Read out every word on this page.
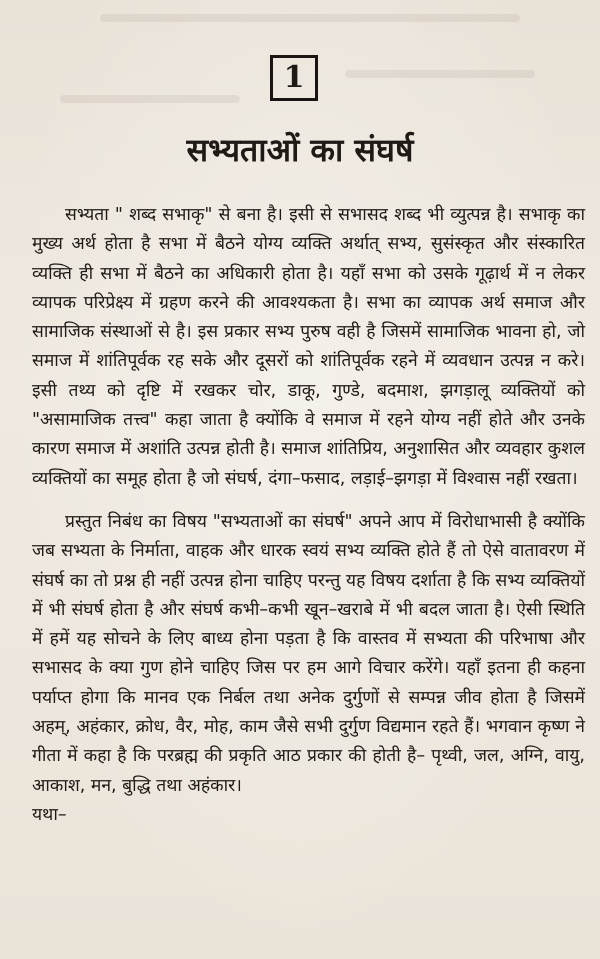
1
सभ्यताओं का संघर्ष

सभ्यता " शब्द सभाकृ" से बना है। इसी से सभासद शब्द भी व्युत्पन्न है। सभाकृ का मुख्य अर्थ होता है सभा में बैठने योग्य व्यक्ति अर्थात् सभ्य, सुसंस्कृत और संस्कारित व्यक्ति ही सभा में बैठने का अधिकारी होता है। यहाँ सभा को उसके गूढ़ार्थ में न लेकर व्यापक परिप्रेक्ष्य में ग्रहण करने की आवश्यकता है। सभा का व्यापक अर्थ समाज और सामाजिक संस्थाओं से है। इस प्रकार सभ्य पुरुष वही है जिसमें सामाजिक भावना हो, जो समाज में शांतिपूर्वक रह सके और दूसरों को शांतिपूर्वक रहने में व्यवधान उत्पन्न न करे। इसी तथ्य को दृष्टि में रखकर चोर, डाकू, गुण्डे, बदमाश, झगड़ालू व्यक्तियों को "असामाजिक तत्त्व" कहा जाता है क्योंकि वे समाज में रहने योग्य नहीं होते और उनके कारण समाज में अशांति उत्पन्न होती है। समाज शांतिप्रिय, अनुशासित और व्यवहार कुशल व्यक्तियों का समूह होता है जो संघर्ष, दंगा–फसाद, लड़ाई–झगड़ा में विश्वास नहीं रखता।

प्रस्तुत निबंध का विषय "सभ्यताओं का संघर्ष" अपने आप में विरोधाभासी है क्योंकि जब सभ्यता के निर्माता, वाहक और धारक स्वयं सभ्य व्यक्ति होते हैं तो ऐसे वातावरण में संघर्ष का तो प्रश्न ही नहीं उत्पन्न होना चाहिए परन्तु यह विषय दर्शाता है कि सभ्य व्यक्तियों में भी संघर्ष होता है और संघर्ष कभी–कभी खून–खराबे में भी बदल जाता है। ऐसी स्थिति में हमें यह सोचने के लिए बाध्य होना पड़ता है कि वास्तव में सभ्यता की परिभाषा और सभासद के क्या गुण होने चाहिए जिस पर हम आगे विचार करेंगे। यहाँ इतना ही कहना पर्याप्त होगा कि मानव एक निर्बल तथा अनेक दुर्गुणों से सम्पन्न जीव होता है जिसमें अहम्, अहंकार, क्रोध, वैर, मोह, काम जैसे सभी दुर्गुण विद्यमान रहते हैं। भगवान कृष्ण ने गीता में कहा है कि परब्रह्म की प्रकृति आठ प्रकार की होती है– पृथ्वी, जल, अग्नि, वायु, आकाश, मन, बुद्धि तथा अहंकार।

यथा–
